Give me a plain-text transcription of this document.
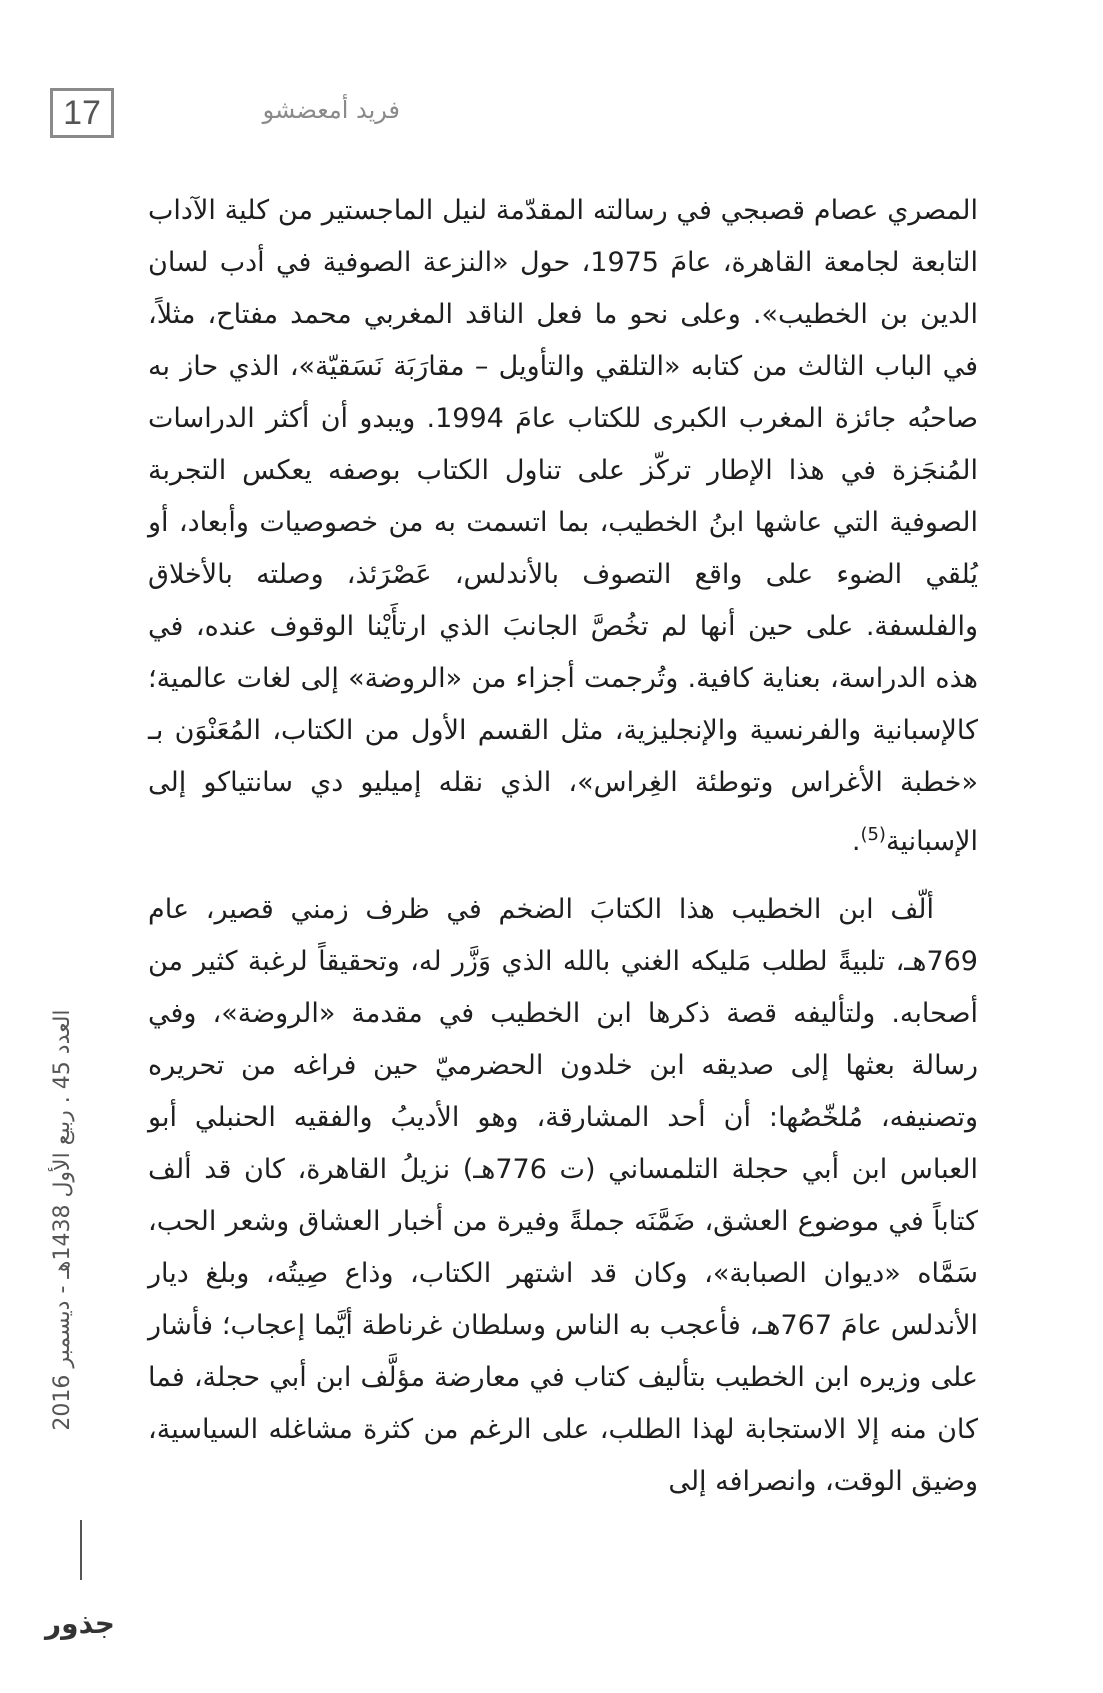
17	فريد أمعضشو

المصري عصام قصبجي في رسالته المقدّمة لنيل الماجستير من كلية الآداب التابعة لجامعة القاهرة، عامَ 1975، حول «النزعة الصوفية في أدب لسان الدين بن الخطيب». وعلى نحو ما فعل الناقد المغربي محمد مفتاح، مثلاً، في الباب الثالث من كتابه «التلقي والتأويل – مقارَبَة نَسَقيّة»، الذي حاز به صاحبُه جائزة المغرب الكبرى للكتاب عامَ 1994. ويبدو أن أكثر الدراسات المُنجَزة في هذا الإطار تركّز على تناول الكتاب بوصفه يعكس التجربة الصوفية التي عاشها ابنُ الخطيب، بما اتسمت به من خصوصيات وأبعاد، أو يُلقي الضوء على واقع التصوف بالأندلس، عَصْرَئذ، وصلته بالأخلاق والفلسفة. على حين أنها لم تخُصَّ الجانبَ الذي ارتأَيْنا الوقوف عنده، في هذه الدراسة، بعناية كافية. وتُرجمت أجزاء من «الروضة» إلى لغات عالمية؛ كالإسبانية والفرنسية والإنجليزية، مثل القسم الأول من الكتاب، المُعَنْوَن بـ «خطبة الأغراس وتوطئة الغِراس»، الذي نقله إميليو دي سانتياكو إلى الإسبانية$^{(5)}$.

ألّف ابن الخطيب هذا الكتابَ الضخم في ظرف زمني قصير، عام 769هـ، تلبيةً لطلب مَليكه الغني بالله الذي وَزَّر له، وتحقيقاً لرغبة كثير من أصحابه. ولتأليفه قصة ذكرها ابن الخطيب في مقدمة «الروضة»، وفي رسالة بعثها إلى صديقه ابن خلدون الحضرميّ حين فراغه من تحريره وتصنيفه، مُلخّصُها: أن أحد المشارقة، وهو الأديبُ والفقيه الحنبلي أبو العباس ابن أبي حجلة التلمساني (ت 776هـ) نزيلُ القاهرة، كان قد ألف كتاباً في موضوع العشق، ضَمَّنَه جملةً وفيرة من أخبار العشاق وشعر الحب، سَمَّاه «ديوان الصبابة»، وكان قد اشتهر الكتاب، وذاع صِيتُه، وبلغ ديار الأندلس عامَ 767هـ، فأعجب به الناس وسلطان غرناطة أيَّما إعجاب؛ فأشار على وزيره ابن الخطيب بتأليف كتاب في معارضة مؤلَّف ابن أبي حجلة، فما كان منه إلا الاستجابة لهذا الطلب، على الرغم من كثرة مشاغله السياسية، وضيق الوقت، وانصرافه إلى

العدد 45 . ربيع الأول 1438هـ - ديسمبر 2016
جذور
